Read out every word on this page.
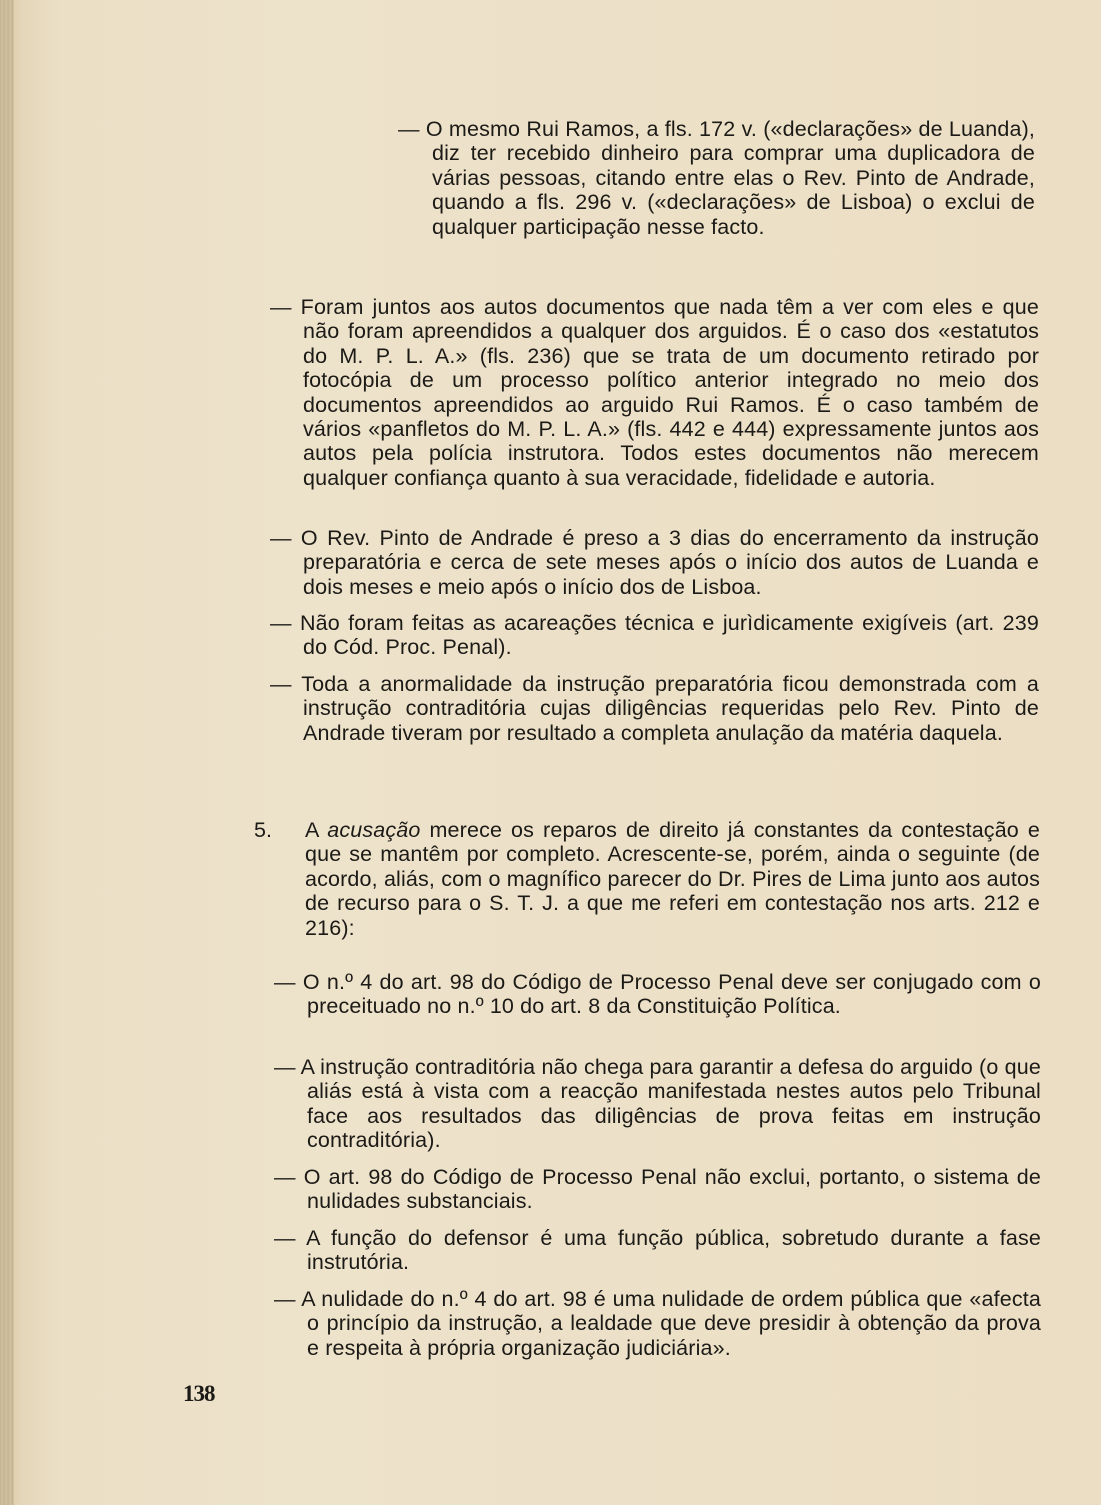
— O mesmo Rui Ramos, a fls. 172 v. («declarações» de Luanda), diz ter recebido dinheiro para comprar uma duplicadora de várias pessoas, citando entre elas o Rev. Pinto de Andrade, quando a fls. 296 v. («declarações» de Lisboa) o exclui de qualquer participação nesse facto.

— Foram juntos aos autos documentos que nada têm a ver com eles e que não foram apreendidos a qualquer dos arguidos. É o caso dos «estatutos do M. P. L. A.» (fls. 236) que se trata de um documento retirado por fotocópia de um processo político anterior integrado no meio dos documentos apreendidos ao arguido Rui Ramos. É o caso também de vários «panfletos do M. P. L. A.» (fls. 442 e 444) expressamente juntos aos autos pela polícia instrutora. Todos estes documentos não merecem qualquer confiança quanto à sua veracidade, fidelidade e autoria.

— O Rev. Pinto de Andrade é preso a 3 dias do encerramento da instrução preparatória e cerca de sete meses após o início dos autos de Luanda e dois meses e meio após o início dos de Lisboa.

— Não foram feitas as acareações técnica e jurìdicamente exigíveis (art. 239 do Cód. Proc. Penal).

— Toda a anormalidade da instrução preparatória ficou demonstrada com a instrução contraditória cujas diligências requeridas pelo Rev. Pinto de Andrade tiveram por resultado a completa anulação da matéria daquela.

5. A acusação merece os reparos de direito já constantes da contestação e que se mantêm por completo. Acrescente-se, porém, ainda o seguinte (de acordo, aliás, com o magnífico parecer do Dr. Pires de Lima junto aos autos de recurso para o S. T. J. a que me referi em contestação nos arts. 212 e 216):

— O n.º 4 do art. 98 do Código de Processo Penal deve ser conjugado com o preceituado no n.º 10 do art. 8 da Constituição Política.

— A instrução contraditória não chega para garantir a defesa do arguido (o que aliás está à vista com a reacção manifestada nestes autos pelo Tribunal face aos resultados das diligências de prova feitas em instrução contraditória).

— O art. 98 do Código de Processo Penal não exclui, portanto, o sistema de nulidades substanciais.

— A função do defensor é uma função pública, sobretudo durante a fase instrutória.

— A nulidade do n.º 4 do art. 98 é uma nulidade de ordem pública que «afecta o princípio da instrução, a lealdade que deve presidir à obtenção da prova e respeita à própria organização judiciária».

138
